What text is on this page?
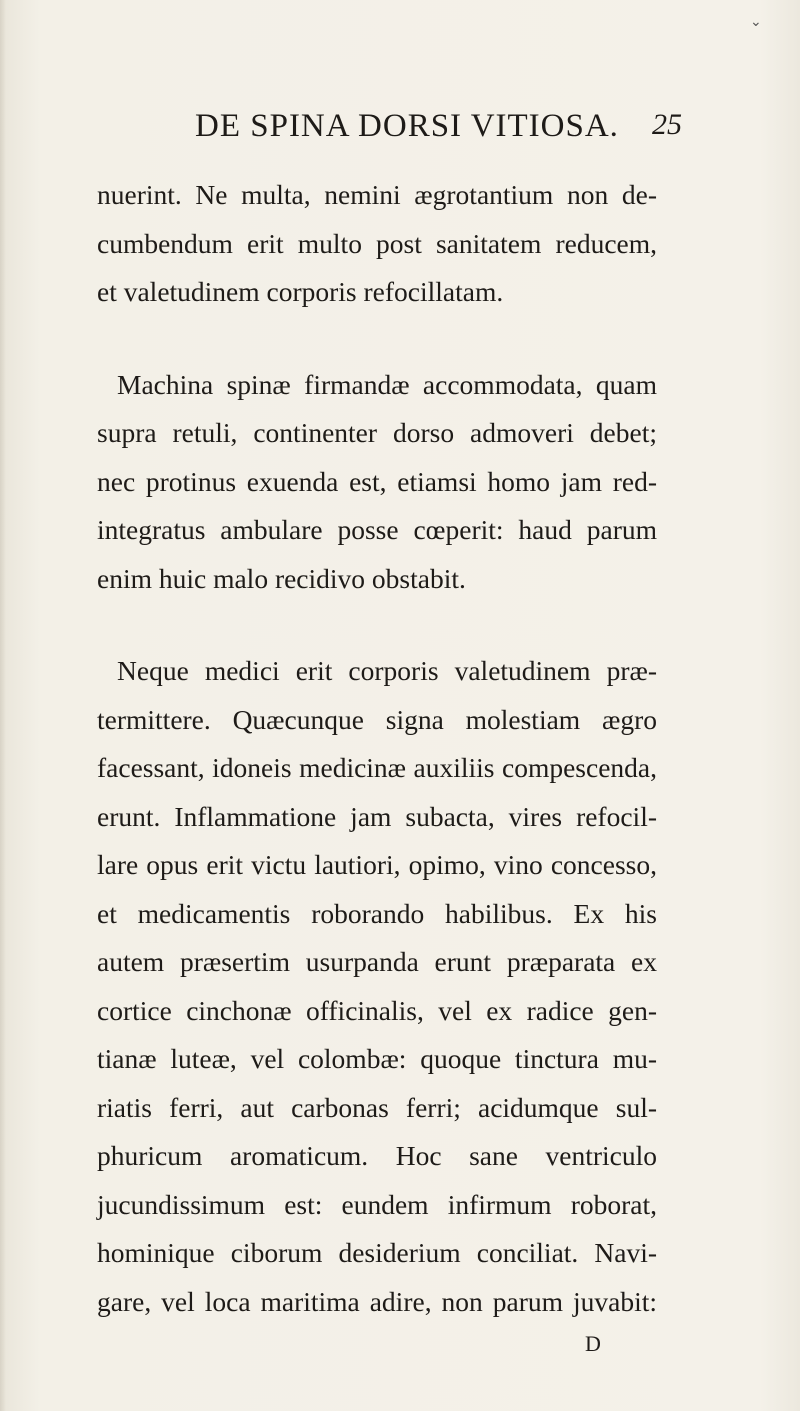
⌄
DE SPINA DORSI VITIOSA. 25

nuerint. Ne multa, nemini ægrotantium non de-
cumbendum erit multo post sanitatem reducem,
et valetudinem corporis refocillatam.

Machina spinæ firmandæ accommodata, quam
supra retuli, continenter dorso admoveri debet;
nec protinus exuenda est, etiamsi homo jam red-
integratus ambulare posse cœperit: haud parum
enim huic malo recidivo obstabit.

Neque medici erit corporis valetudinem præ-
termittere. Quæcunque signa molestiam ægro
facessant, idoneis medicinæ auxiliis compescenda,
erunt. Inflammatione jam subacta, vires refocil-
lare opus erit victu lautiori, opimo, vino concesso,
et medicamentis roborando habilibus. Ex his
autem præsertim usurpanda erunt præparata ex
cortice cinchonæ officinalis, vel ex radice gen-
tianæ luteæ, vel colombæ: quoque tinctura mu-
riatis ferri, aut carbonas ferri; acidumque sul-
phuricum aromaticum. Hoc sane ventriculo
jucundissimum est: eundem infirmum roborat,
hominique ciborum desiderium conciliat. Navi-
gare, vel loca maritima adire, non parum juvabit:

D
